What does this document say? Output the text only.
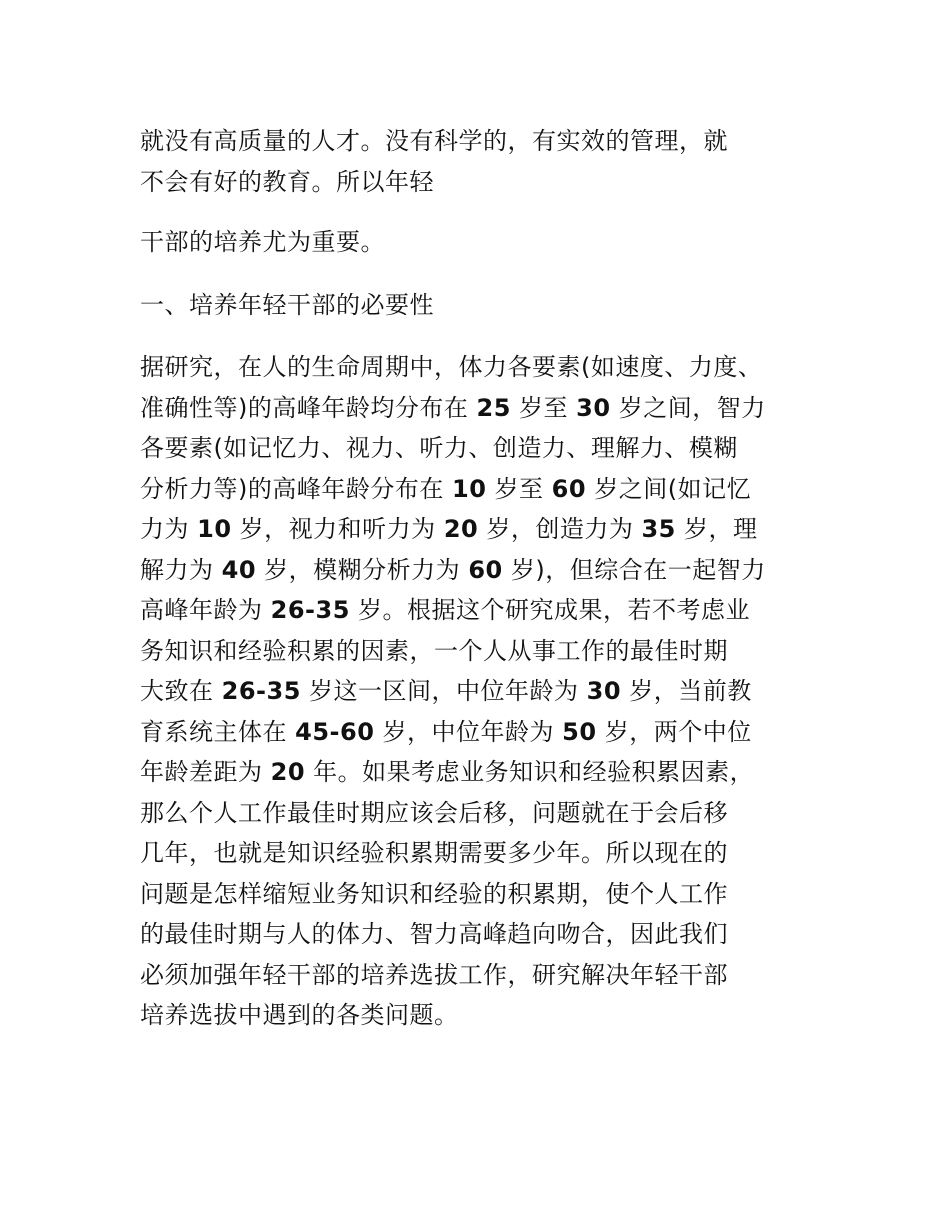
就没有高质量的人才。没有科学的，有实效的管理，就
不会有好的教育。所以年轻

干部的培养尤为重要。

一、培养年轻干部的必要性

据研究，在人的生命周期中，体力各要素(如速度、力度、
准确性等)的高峰年龄均分布在 25 岁至 30 岁之间，智力
各要素(如记忆力、视力、听力、创造力、理解力、模糊
分析力等)的高峰年龄分布在 10 岁至 60 岁之间(如记忆
力为 10 岁，视力和听力为 20 岁，创造力为 35 岁，理
解力为 40 岁，模糊分析力为 60 岁)，但综合在一起智力
高峰年龄为 26-35 岁。根据这个研究成果，若不考虑业
务知识和经验积累的因素，一个人从事工作的最佳时期
大致在 26-35 岁这一区间，中位年龄为 30 岁，当前教
育系统主体在 45-60 岁，中位年龄为 50 岁，两个中位
年龄差距为 20 年。如果考虑业务知识和经验积累因素，
那么个人工作最佳时期应该会后移，问题就在于会后移
几年，也就是知识经验积累期需要多少年。所以现在的
问题是怎样缩短业务知识和经验的积累期，使个人工作
的最佳时期与人的体力、智力高峰趋向吻合，因此我们
必须加强年轻干部的培养选拔工作，研究解决年轻干部
培养选拔中遇到的各类问题。
